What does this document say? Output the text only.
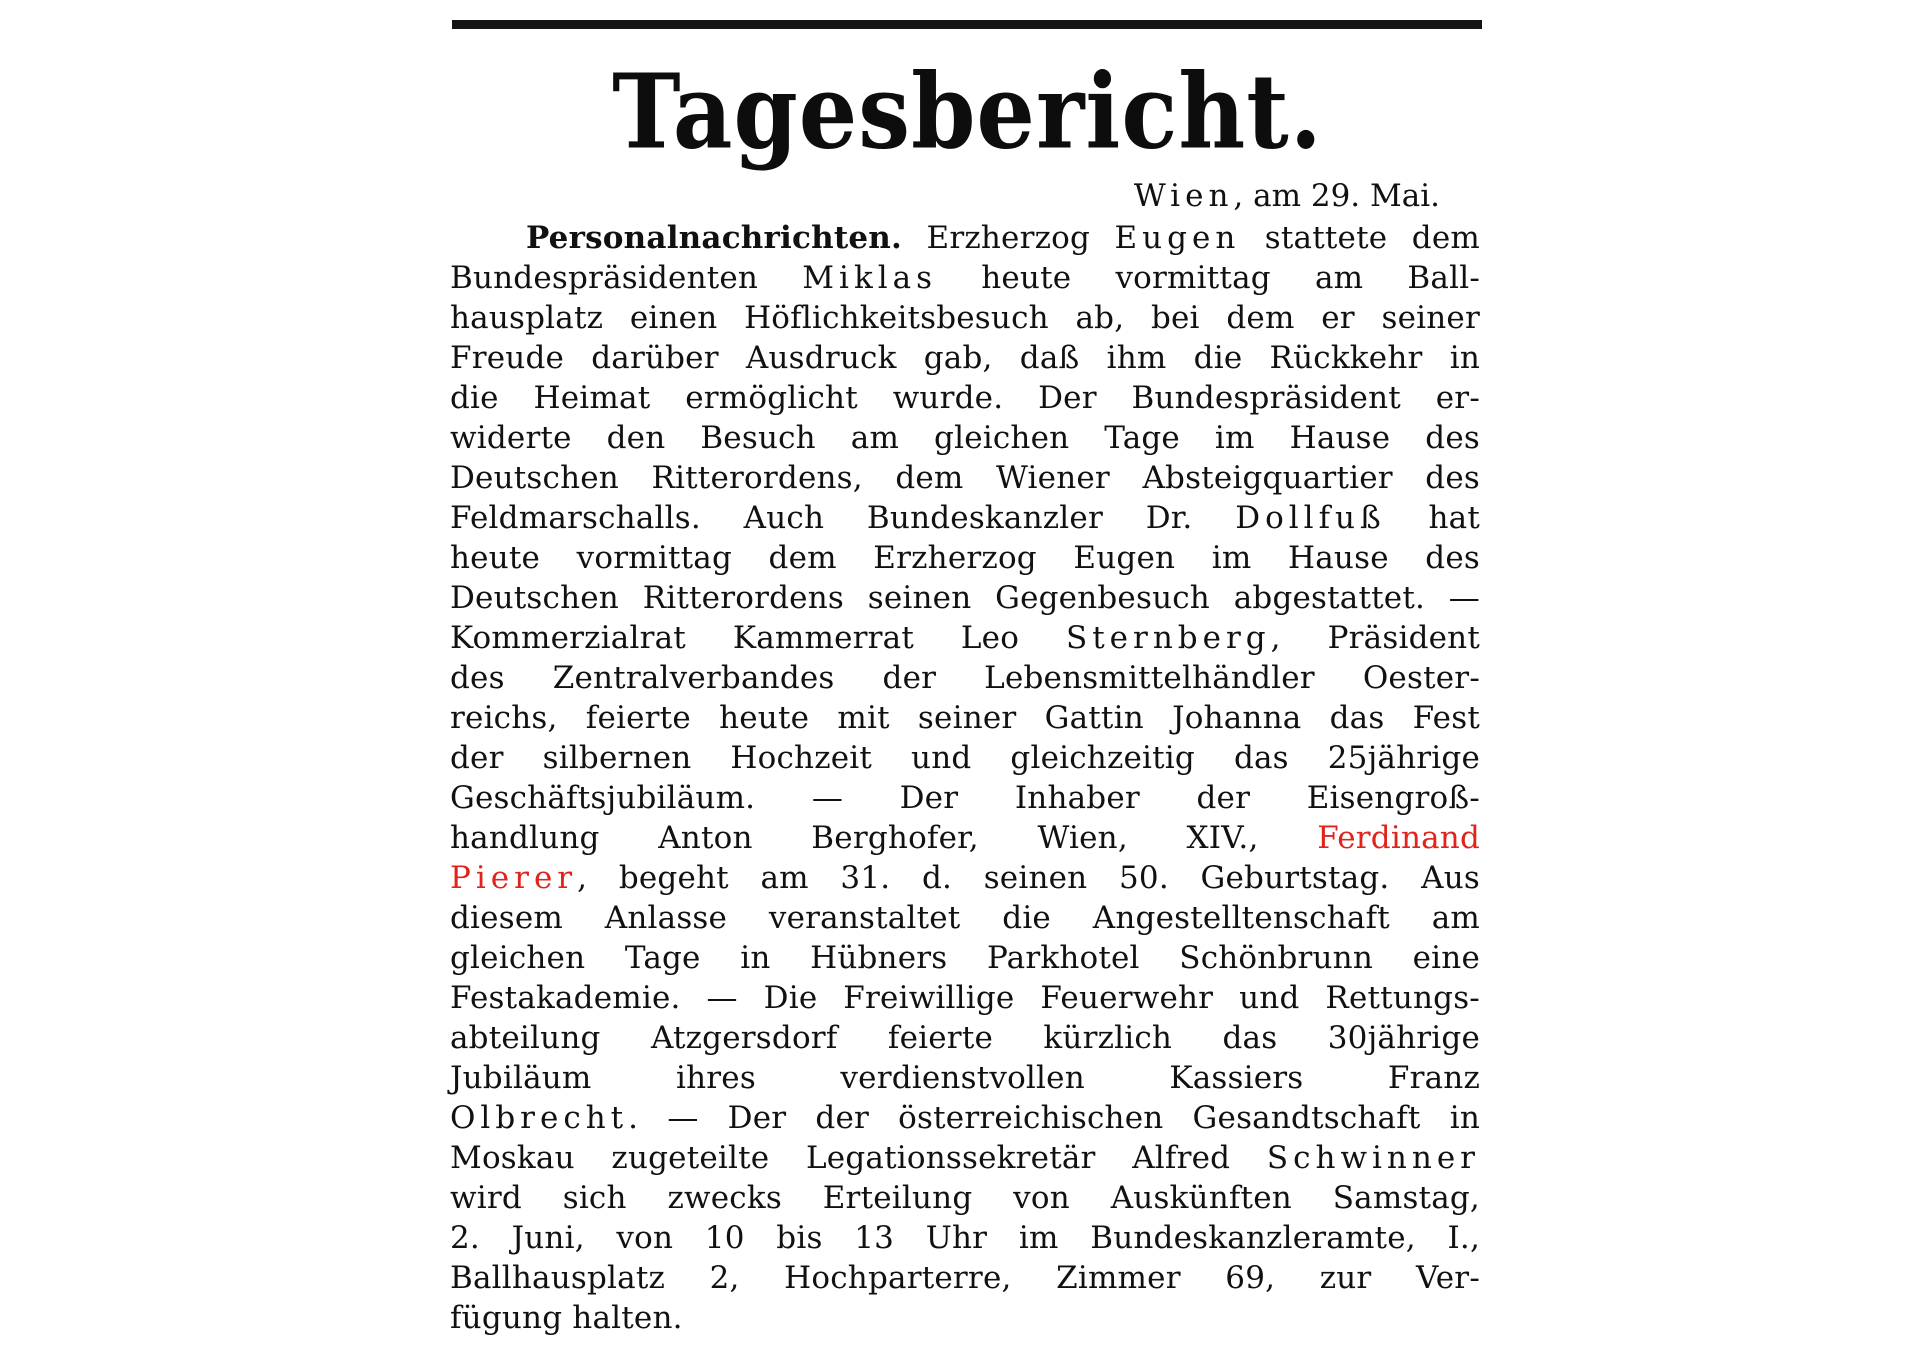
Tagesbericht.
Wien, am 29. Mai.
Personalnachrichten. Erzherzog Eugen stattete dem
Bundespräsidenten Miklas heute vormittag am Ball-
hausplatz einen Höflichkeitsbesuch ab, bei dem er seiner
Freude darüber Ausdruck gab, daß ihm die Rückkehr in
die Heimat ermöglicht wurde. Der Bundespräsident er-
widerte den Besuch am gleichen Tage im Hause des
Deutschen Ritterordens, dem Wiener Absteigquartier des
Feldmarschalls. Auch Bundeskanzler Dr. Dollfuß hat
heute vormittag dem Erzherzog Eugen im Hause des
Deutschen Ritterordens seinen Gegenbesuch abgestattet. —
Kommerzialrat Kammerrat Leo Sternberg, Präsident
des Zentralverbandes der Lebensmittelhändler Oester-
reichs, feierte heute mit seiner Gattin Johanna das Fest
der silbernen Hochzeit und gleichzeitig das 25jährige
Geschäftsjubiläum. — Der Inhaber der Eisengroß-
handlung Anton Berghofer, Wien, XIV., Ferdinand
Pierer, begeht am 31. d. seinen 50. Geburtstag. Aus
diesem Anlasse veranstaltet die Angestelltenschaft am
gleichen Tage in Hübners Parkhotel Schönbrunn eine
Festakademie. — Die Freiwillige Feuerwehr und Rettungs-
abteilung Atzgersdorf feierte kürzlich das 30jährige
Jubiläum ihres verdienstvollen Kassiers Franz
Olbrecht. — Der der österreichischen Gesandtschaft in
Moskau zugeteilte Legationssekretär Alfred Schwinner
wird sich zwecks Erteilung von Auskünften Samstag,
2. Juni, von 10 bis 13 Uhr im Bundeskanzleramte, I.,
Ballhausplatz 2, Hochparterre, Zimmer 69, zur Ver-
fügung halten.
